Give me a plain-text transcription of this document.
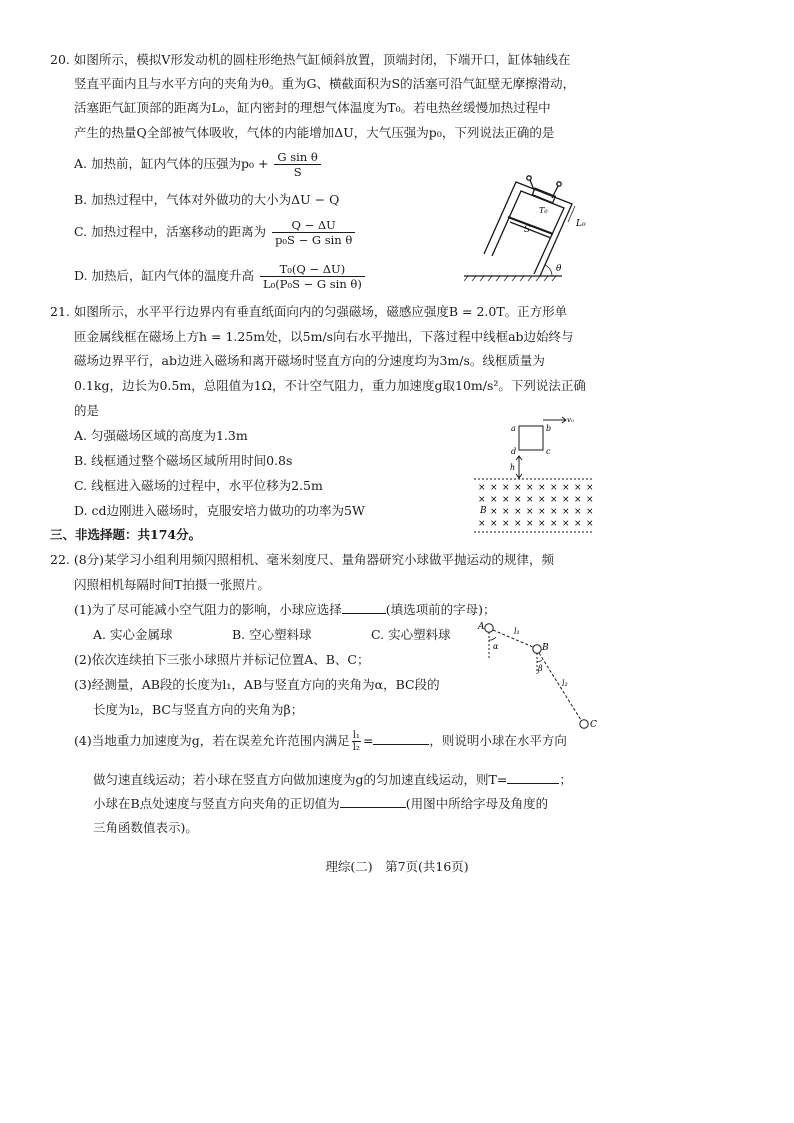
20. 如图所示，模拟V形发动机的圆柱形绝热气缸倾斜放置，顶端封闭，下端开口，缸体轴线在
竖直平面内且与水平方向的夹角为θ。重为G、横截面积为S的活塞可沿气缸壁无摩擦滑动，
活塞距气缸顶部的距离为L₀，缸内密封的理想气体温度为T₀。若电热丝缓慢加热过程中
产生的热量Q全部被气体吸收，气体的内能增加ΔU，大气压强为p₀，下列说法正确的是
A. 加热前，缸内气体的压强为$p_0 + \frac{\text{G sin θ}}{S}$
B. 加热过程中，气体对外做功的大小为ΔU − Q
C. 加热过程中，活塞移动的距离为 $\frac{Q - \Delta U}{\text{p₀S − G sin θ}}$
D. 加热后，缸内气体的温度升高 $\frac{\text{T₀(Q − ΔU)}}{\text{L₀(P₀S − G sin θ)}}$
T₀
S
L₀
θ
21. 如图所示，水平平行边界内有垂直纸面向内的匀强磁场，磁感应强度B = 2.0T。正方形单
匝金属线框在磁场上方h = 1.25m处，以5m/s向右水平抛出，下落过程中线框ab边始终与
磁场边界平行，ab边进入磁场和离开磁场时竖直方向的分速度均为3m/s。线框质量为
0.1kg，边长为0.5m，总阻值为1Ω，不计空气阻力，重力加速度g取10m/s²。下列说法正确
的是
A. 匀强磁场区域的高度为1.3m
B. 线框通过整个磁场区域所用时间0.8s
C. 线框进入磁场的过程中，水平位移为2.5m
D. cd边刚进入磁场时，克服安培力做功的功率为5W
a	b
d	c
h
v₀
× × × × × × × × × ×
× × × × × × × × × ×
× × × × × × × × ×
× × × × × × × × × ×
B
三、非选择题：共174分。
22. (8分)某学习小组利用频闪照相机、毫米刻度尺、量角器研究小球做平抛运动的规律，频
闪照相机每隔时间T拍摄一张照片。
(1)为了尽可能减小空气阻力的影响，小球应选择	(填选项前的字母)；
A. 实心金属球	B. 空心塑料球	C. 实心塑料球
(2)依次连续拍下三张小球照片并标记位置A、B、C；
(3)经测量，AB段的长度为l₁，AB与竖直方向的夹角为α，BC段的
长度为l₂，BC与竖直方向的夹角为β；
(4)当地重力加速度为g，若在误差允许范围内满足 $\frac{\text{l₁}}{\text{l₂}}$ =	，则说明小球在水平方向
做匀速直线运动；若小球在竖直方向做加速度为g的匀加速直线运动，则T=	；
小球在B点处速度与竖直方向夹角的正切值为	(用图中所给字母及角度的
三角函数值表示)。
A
B
C
l₁
l₂
α
β
理综(二)　第7页(共16页)
